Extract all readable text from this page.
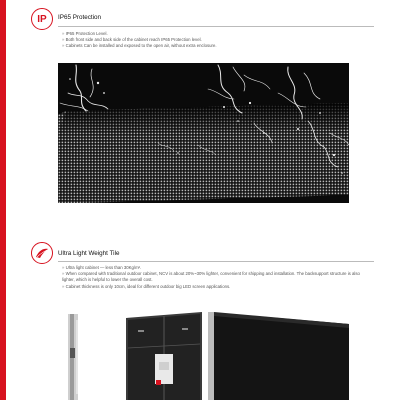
IP IP65 Protection
» IP65 Protection Level.
» Both front side and back side of the cabinet reach IP65 Protection level.
» Cabinets Can be installed and exposed to the open air, without extra enclosure.
Ultra Light Weight Tile
» Ultra light cabinet — less than 30Kg/m².
» When compared with traditional outdoor cabinet, NCV is about 20%~30% lighter, convenient for shipping and installation. The backsupport structure is also lighter, which is helpful to lower the overall cost.
» Cabinet thickness is only 10cm, ideal for different outdoor big LED screen applications.
